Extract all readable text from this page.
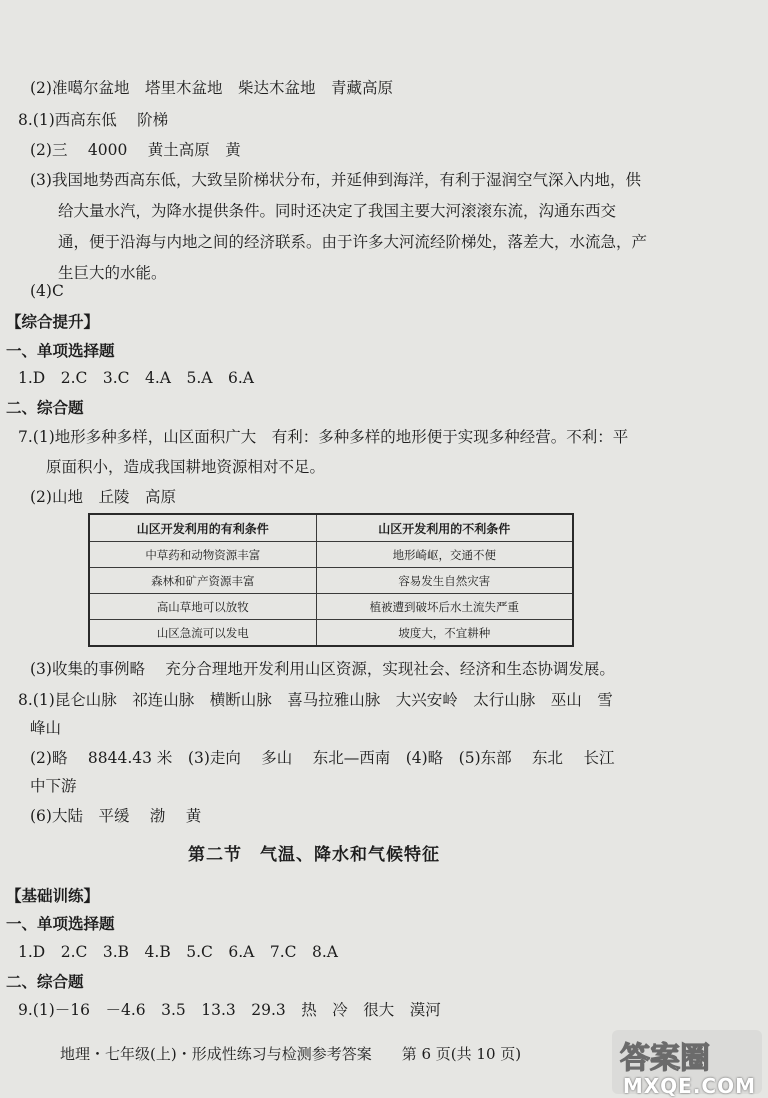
(2)准噶尔盆地　塔里木盆地　柴达木盆地　青藏高原
8.(1)西高东低　 阶梯
(2)三　 4000　 黄土高原　黄
(3)我国地势西高东低，大致呈阶梯状分布，并延伸到海洋，有利于湿润空气深入内地，供
给大量水汽，为降水提供条件。同时还决定了我国主要大河滚滚东流，沟通东西交
通，便于沿海与内地之间的经济联系。由于许多大河流经阶梯处，落差大，水流急，产
生巨大的水能。
(4)C
【综合提升】
一、单项选择题
1.D　2.C　3.C　4.A　5.A　6.A
二、综合题
7.(1)地形多种多样，山区面积广大　有利：多种多样的地形便于实现多种经营。不利：平
原面积小，造成我国耕地资源相对不足。
(2)山地　丘陵　高原
山区开发利用的有利条件	山区开发利用的不利条件
中草药和动物资源丰富	地形崎岖，交通不便
森林和矿产资源丰富	容易发生自然灾害
高山草地可以放牧	植被遭到破坏后水土流失严重
山区急流可以发电	坡度大，不宜耕种
(3)收集的事例略　 充分合理地开发利用山区资源，实现社会、经济和生态协调发展。
8.(1)昆仑山脉　祁连山脉　横断山脉　喜马拉雅山脉　大兴安岭　太行山脉　巫山　雪
峰山
(2)略　 8844.43 米　(3)走向　 多山　 东北—西南　(4)略　(5)东部　 东北　 长江
中下游
(6)大陆　平缓　 渤　 黄
第二节　气温、降水和气候特征
【基础训练】
一、单项选择题
1.D　2.C　3.B　4.B　5.C　6.A　7.C　8.A
二、综合题
9.(1)－16　－4.6　3.5　13.3　29.3　热　冷　很大　漠河
地理・七年级(上)・形成性练习与检测参考答案　　第 6 页(共 10 页)	答案圈
MXQE.COM
